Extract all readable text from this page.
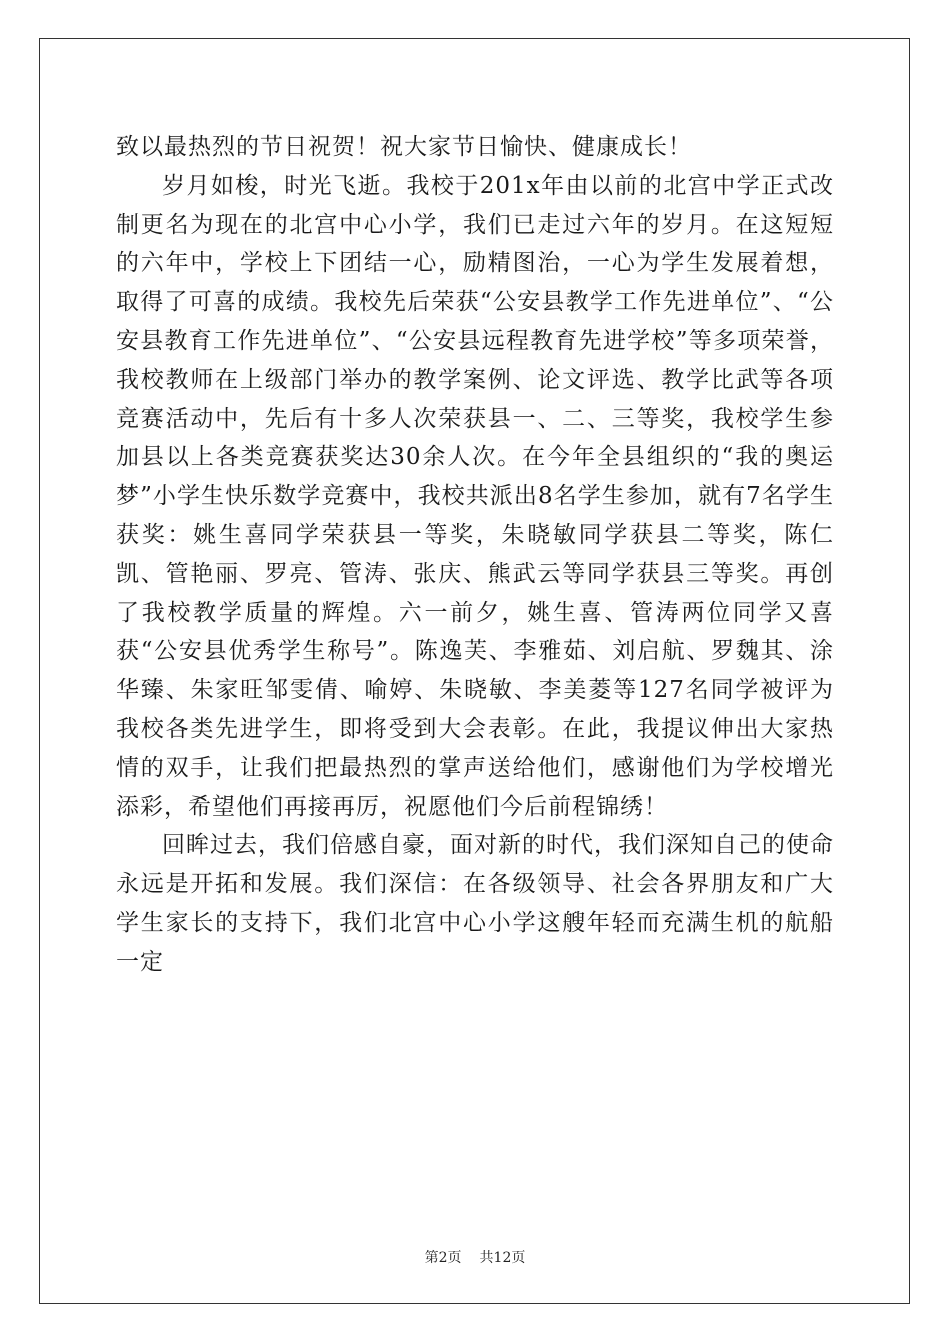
致以最热烈的节日祝贺！祝大家节日愉快、健康成长！

岁月如梭，时光飞逝。我校于201x年由以前的北宫中学正式改制更名为现在的北宫中心小学，我们已走过六年的岁月。在这短短的六年中，学校上下团结一心，励精图治，一心为学生发展着想，取得了可喜的成绩。我校先后荣获“公安县教学工作先进单位”、“公安县教育工作先进单位”、“公安县远程教育先进学校”等多项荣誉，我校教师在上级部门举办的教学案例、论文评选、教学比武等各项竞赛活动中，先后有十多人次荣获县一、二、三等奖，我校学生参加县以上各类竞赛获奖达30余人次。在今年全县组织的“我的奥运梦”小学生快乐数学竞赛中，我校共派出8名学生参加，就有7名学生获奖：姚生喜同学荣获县一等奖，朱晓敏同学获县二等奖，陈仁凯、管艳丽、罗亮、管涛、张庆、熊武云等同学获县三等奖。再创了我校教学质量的辉煌。六一前夕，姚生喜、管涛两位同学又喜获“公安县优秀学生称号”。陈逸芙、李雅茹、刘启航、罗魏其、涂华臻、朱家旺邹雯倩、喻婷、朱晓敏、李美菱等127名同学被评为我校各类先进学生，即将受到大会表彰。在此，我提议伸出大家热情的双手，让我们把最热烈的掌声送给他们，感谢他们为学校增光添彩，希望他们再接再厉，祝愿他们今后前程锦绣！

回眸过去，我们倍感自豪，面对新的时代，我们深知自己的使命永远是开拓和发展。我们深信：在各级领导、社会各界朋友和广大学生家长的支持下，我们北宫中心小学这艘年轻而充满生机的航船一定

第2页 共12页
